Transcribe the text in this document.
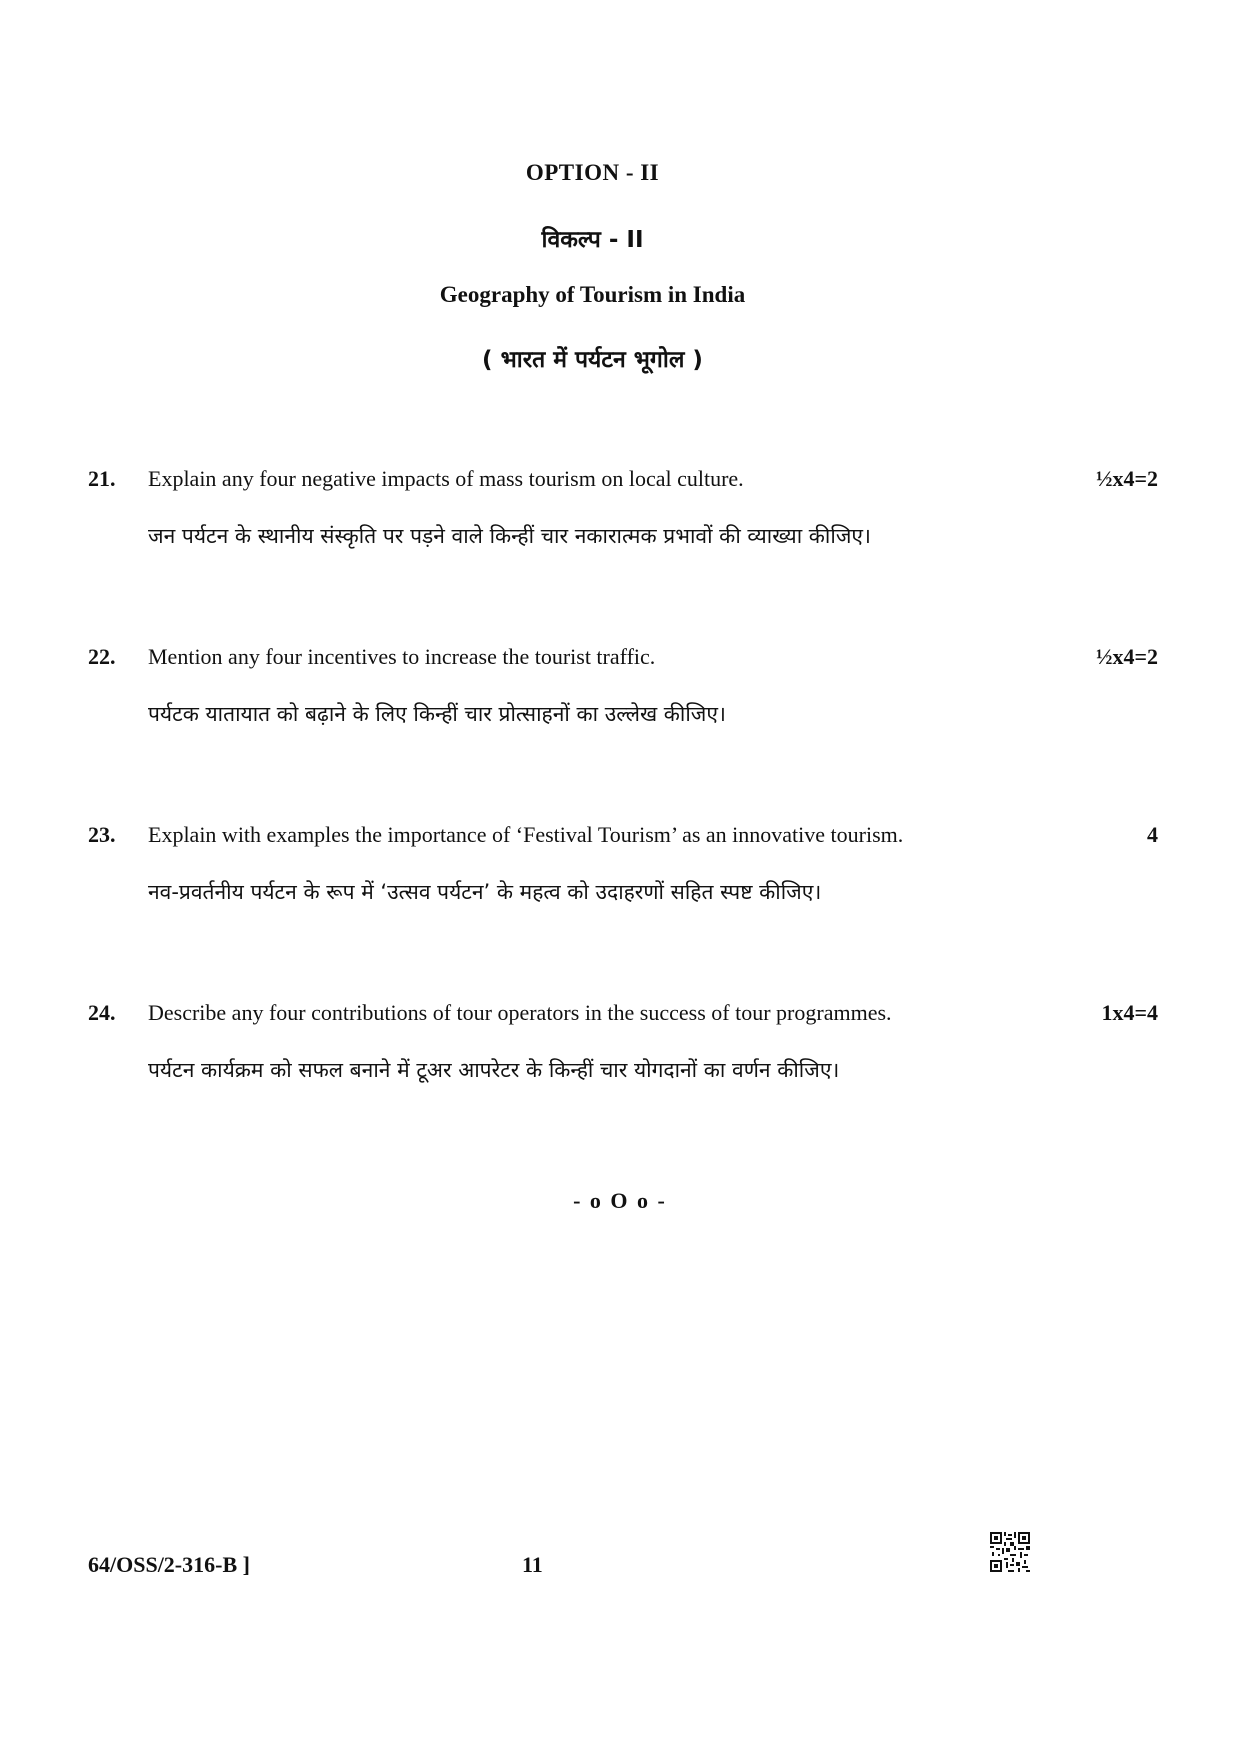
OPTION - II
विकल्प - II
Geography of Tourism in India
( भारत में पर्यटन भूगोल )
21. Explain any four negative impacts of mass tourism on local culture.	½x4=2
जन पर्यटन के स्थानीय संस्कृति पर पड़ने वाले किन्हीं चार नकारात्मक प्रभावों की व्याख्या कीजिए।
22. Mention any four incentives to increase the tourist traffic.	½x4=2
पर्यटक यातायात को बढ़ाने के लिए किन्हीं चार प्रोत्साहनों का उल्लेख कीजिए।
23. Explain with examples the importance of ‘Festival Tourism’ as an innovative tourism.	4
नव-प्रवर्तनीय पर्यटन के रूप में ‘उत्सव पर्यटन’ के महत्व को उदाहरणों सहित स्पष्ट कीजिए।
24. Describe any four contributions of tour operators in the success of tour programmes.	1x4=4
पर्यटन कार्यक्रम को सफल बनाने में टूअर आपरेटर के किन्हीं चार योगदानों का वर्णन कीजिए।
- o O o -
64/OSS/2-316-B ]	11
